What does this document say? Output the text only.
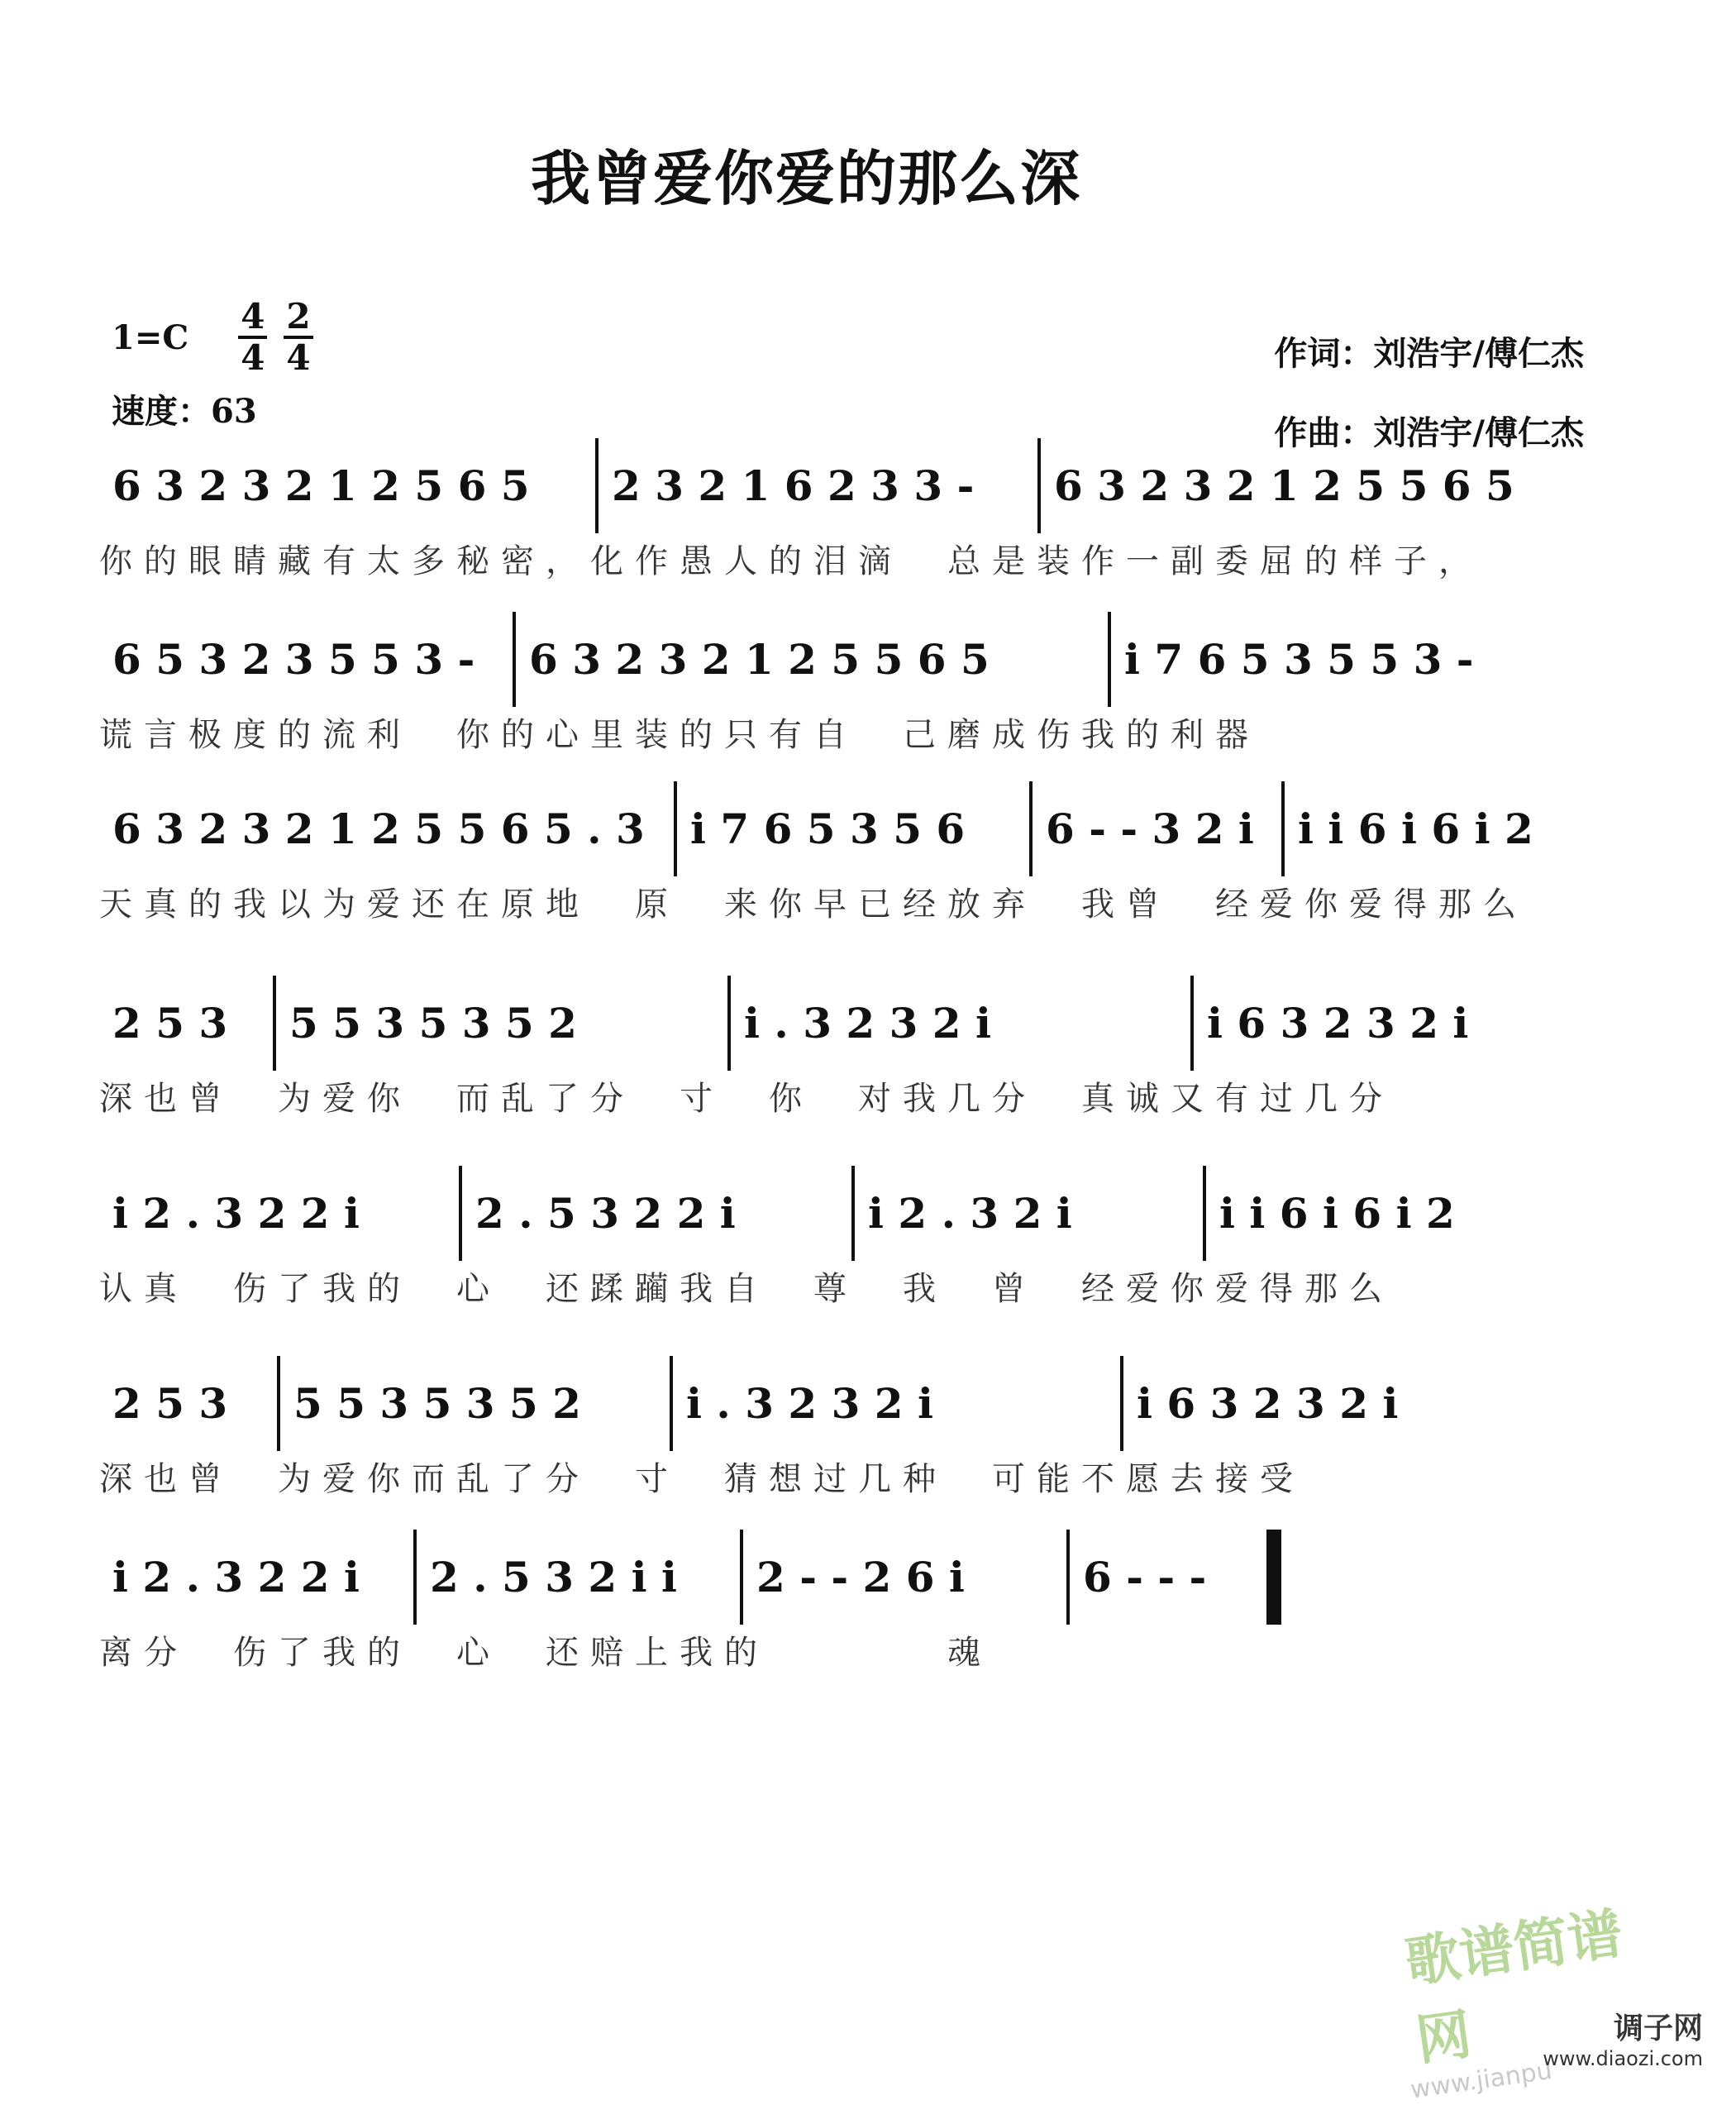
我曾爱你爱的那么深
$1=C \frac{4}{4} \frac{2}{4}$
速度：63
作词：刘浩宇/傅仁杰
作曲：刘浩宇/傅仁杰
6 3 2 3 2 1 2 5 6 5	2 3 2 1 6 2 3 3 -	6 3 2 3 2 1 2 5 5 6 5
你的眼睛藏有太多秘密，化作愚人的泪滴　总是装作一副委屈的样子，
6 5 3 2 3 5 5 3 -	6 3 2 3 2 1 2 5 5 6 5	i 7 6 5 3 5 5 3 -
谎言极度的流利　你的心里装的只有自　己磨成伤我的利器
6 3 2 3 2 1 2 5 5 6 5 . 3	i 7 6 5 3 5 6	6 - - 3 2 i	i i 6 i 6 i 2
天真的我以为爱还在原地　原　来你早已经放弃　我曾　经爱你爱得那么
2 5 3	5 5 3 5 3 5 2	i . 3 2 3 2 i	i 6 3 2 3 2 i
深也曾　为爱你　而乱了分　寸　你　对我几分　真诚又有过几分
i 2 . 3 2 2 i	2 . 5 3 2 2 i	i 2 . 3 2 i	i i 6 i 6 i 2
认真　伤了我的　心　还蹂躏我自　尊　我　曾　经爱你爱得那么
2 5 3	5 5 3 5 3 5 2	i . 3 2 3 2 i	i 6 3 2 3 2 i
深也曾　为爱你而乱了分　寸　猜想过几种　可能不愿去接受
i 2 . 3 2 2 i	2 . 5 3 2 i i	2 - - 2 6 i	6 - - -
离分　伤了我的　心　还赔上我的　　　　魂
歌谱简谱网
www.jianpu
调子网
www.diaozi.com
